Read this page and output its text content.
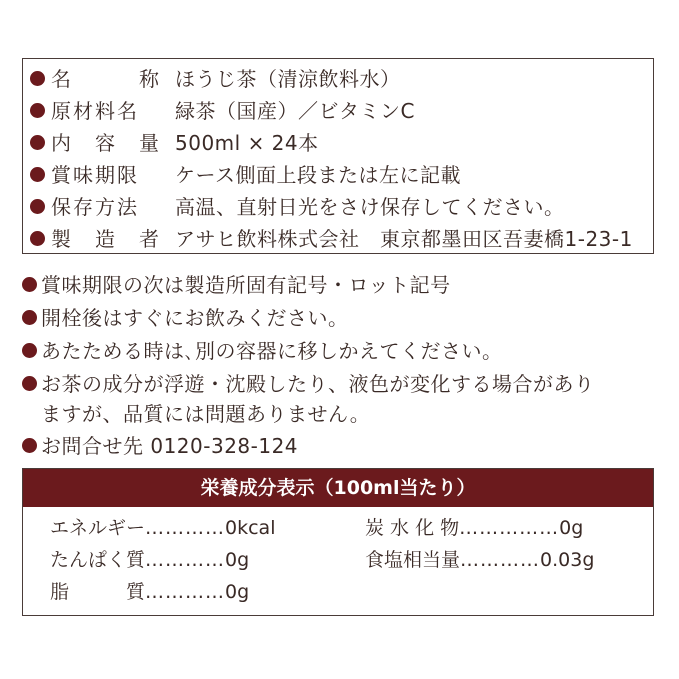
名　　　称 ほうじ茶（清涼飲料水）
原材料名 緑茶（国産）／ビタミンC
内　容　量 500ml × 24本
賞味期限 ケース側面上段または左に記載
保存方法 高温、直射日光をさけ保存してください。
製　造　者 アサヒ飲料株式会社　東京都墨田区吾妻橋1-23-1
賞味期限の次は製造所固有記号・ロット記号
開栓後はすぐにお飲みください。
あたためる時は､別の容器に移しかえてください。
お茶の成分が浮遊・沈殿したり、液色が変化する場合があり
ますが、品質には問題ありません。
お問合せ先 0120-328-124
栄養成分表示（100ml当たり）
エネルギー…………0kcal
たんぱく質…………0g
脂　　　質…………0g
炭 水 化 物……………0g
食塩相当量…………0.03g
